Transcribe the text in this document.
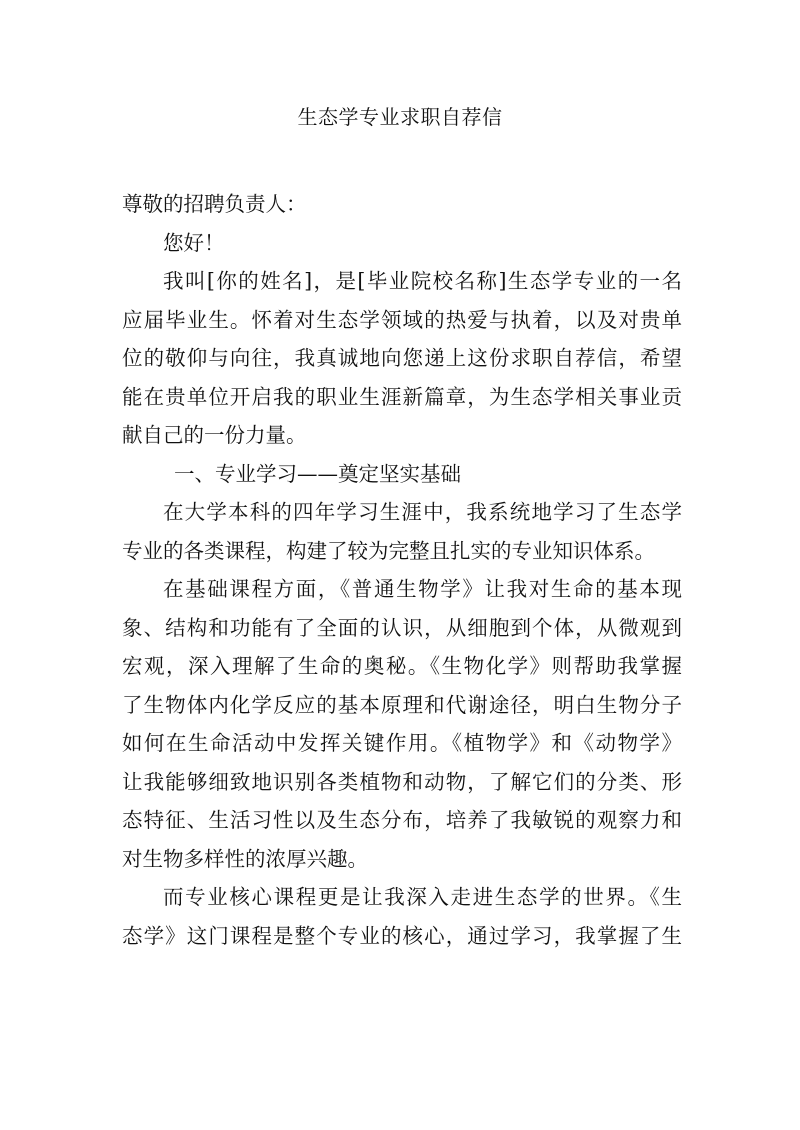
生态学专业求职自荐信

尊敬的招聘负责人：

您好！

我叫[你的姓名]，是[毕业院校名称]生态学专业的一名
应届毕业生。怀着对生态学领域的热爱与执着，以及对贵单
位的敬仰与向往，我真诚地向您递上这份求职自荐信，希望
能在贵单位开启我的职业生涯新篇章，为生态学相关事业贡
献自己的一份力量。

一、专业学习——奠定坚实基础

在大学本科的四年学习生涯中，我系统地学习了生态学
专业的各类课程，构建了较为完整且扎实的专业知识体系。
在基础课程方面，《普通生物学》让我对生命的基本现
象、结构和功能有了全面的认识，从细胞到个体，从微观到
宏观，深入理解了生命的奥秘。《生物化学》则帮助我掌握
了生物体内化学反应的基本原理和代谢途径，明白生物分子
如何在生命活动中发挥关键作用。《植物学》和《动物学》
让我能够细致地识别各类植物和动物，了解它们的分类、形
态特征、生活习性以及生态分布，培养了我敏锐的观察力和
对生物多样性的浓厚兴趣。
而专业核心课程更是让我深入走进生态学的世界。《生
态学》这门课程是整个专业的核心，通过学习，我掌握了生
